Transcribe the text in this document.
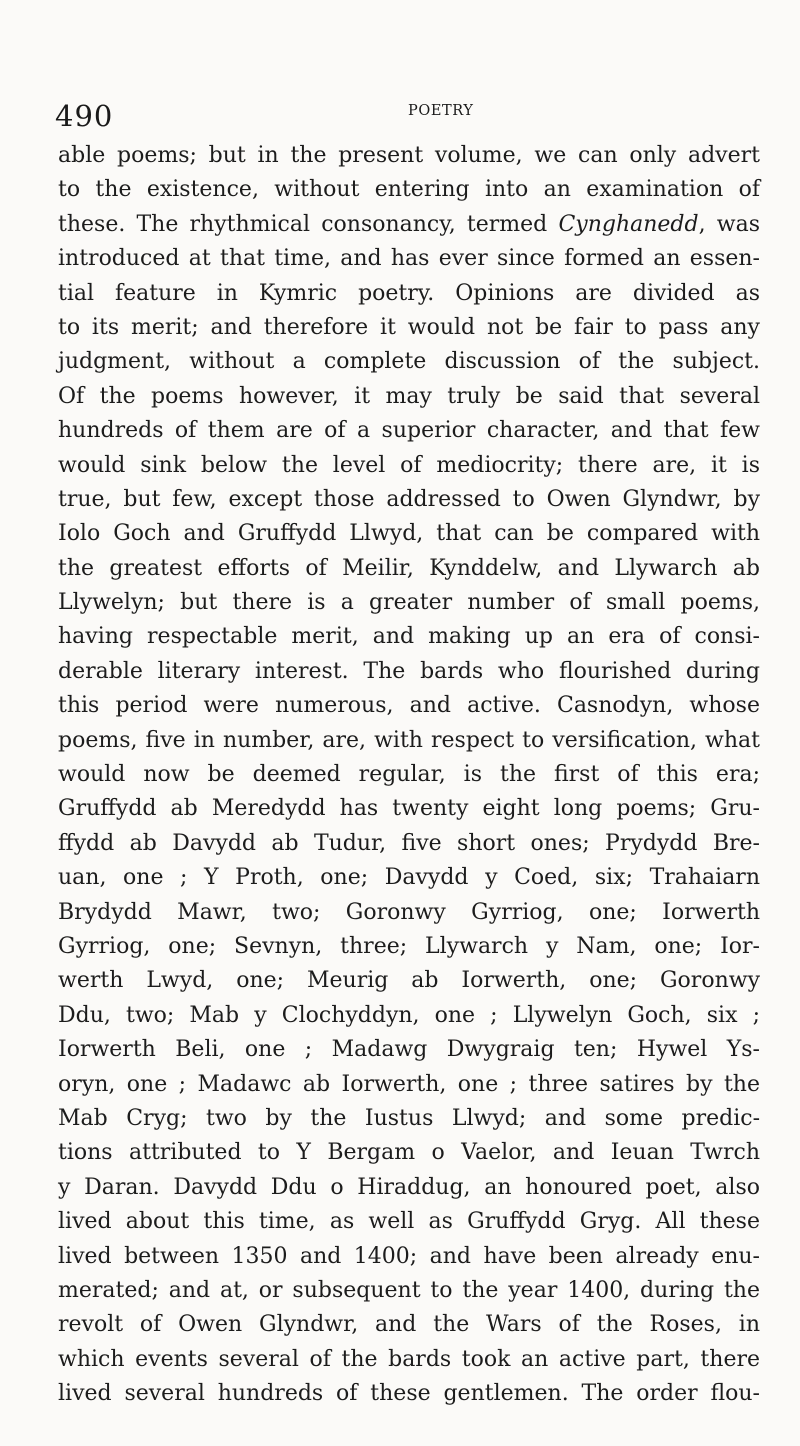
490	POETRY
able poems; but in the present volume, we can only advert
to the existence, without entering into an examination of
these. The rhythmical consonancy, termed Cynghanedd, was
introduced at that time, and has ever since formed an essen-
tial feature in Kymric poetry. Opinions are divided as
to its merit; and therefore it would not be fair to pass any
judgment, without a complete discussion of the subject.
Of the poems however, it may truly be said that several
hundreds of them are of a superior character, and that few
would sink below the level of mediocrity; there are, it is
true, but few, except those addressed to Owen Glyndwr, by
Iolo Goch and Gruffydd Llwyd, that can be compared with
the greatest efforts of Meilir, Kynddelw, and Llywarch ab
Llywelyn; but there is a greater number of small poems,
having respectable merit, and making up an era of consi-
derable literary interest. The bards who flourished during
this period were numerous, and active. Casnodyn, whose
poems, five in number, are, with respect to versification, what
would now be deemed regular, is the first of this era;
Gruffydd ab Meredydd has twenty eight long poems; Gru-
ffydd ab Davydd ab Tudur, five short ones; Prydydd Bre-
uan, one ; Y Proth, one; Davydd y Coed, six; Trahaiarn
Brydydd Mawr, two; Goronwy Gyrriog, one; Iorwerth
Gyrriog, one; Sevnyn, three; Llywarch y Nam, one; Ior-
werth Lwyd, one; Meurig ab Iorwerth, one; Goronwy
Ddu, two; Mab y Clochyddyn, one ; Llywelyn Goch, six ;
Iorwerth Beli, one ; Madawg Dwygraig ten; Hywel Ys-
oryn, one ; Madawc ab Iorwerth, one ; three satires by the
Mab Cryg; two by the Iustus Llwyd; and some predic-
tions attributed to Y Bergam o Vaelor, and Ieuan Twrch
y Daran. Davydd Ddu o Hiraddug, an honoured poet, also
lived about this time, as well as Gruffydd Gryg. All these
lived between 1350 and 1400; and have been already enu-
merated; and at, or subsequent to the year 1400, during the
revolt of Owen Glyndwr, and the Wars of the Roses, in
which events several of the bards took an active part, there
lived several hundreds of these gentlemen. The order flou-
